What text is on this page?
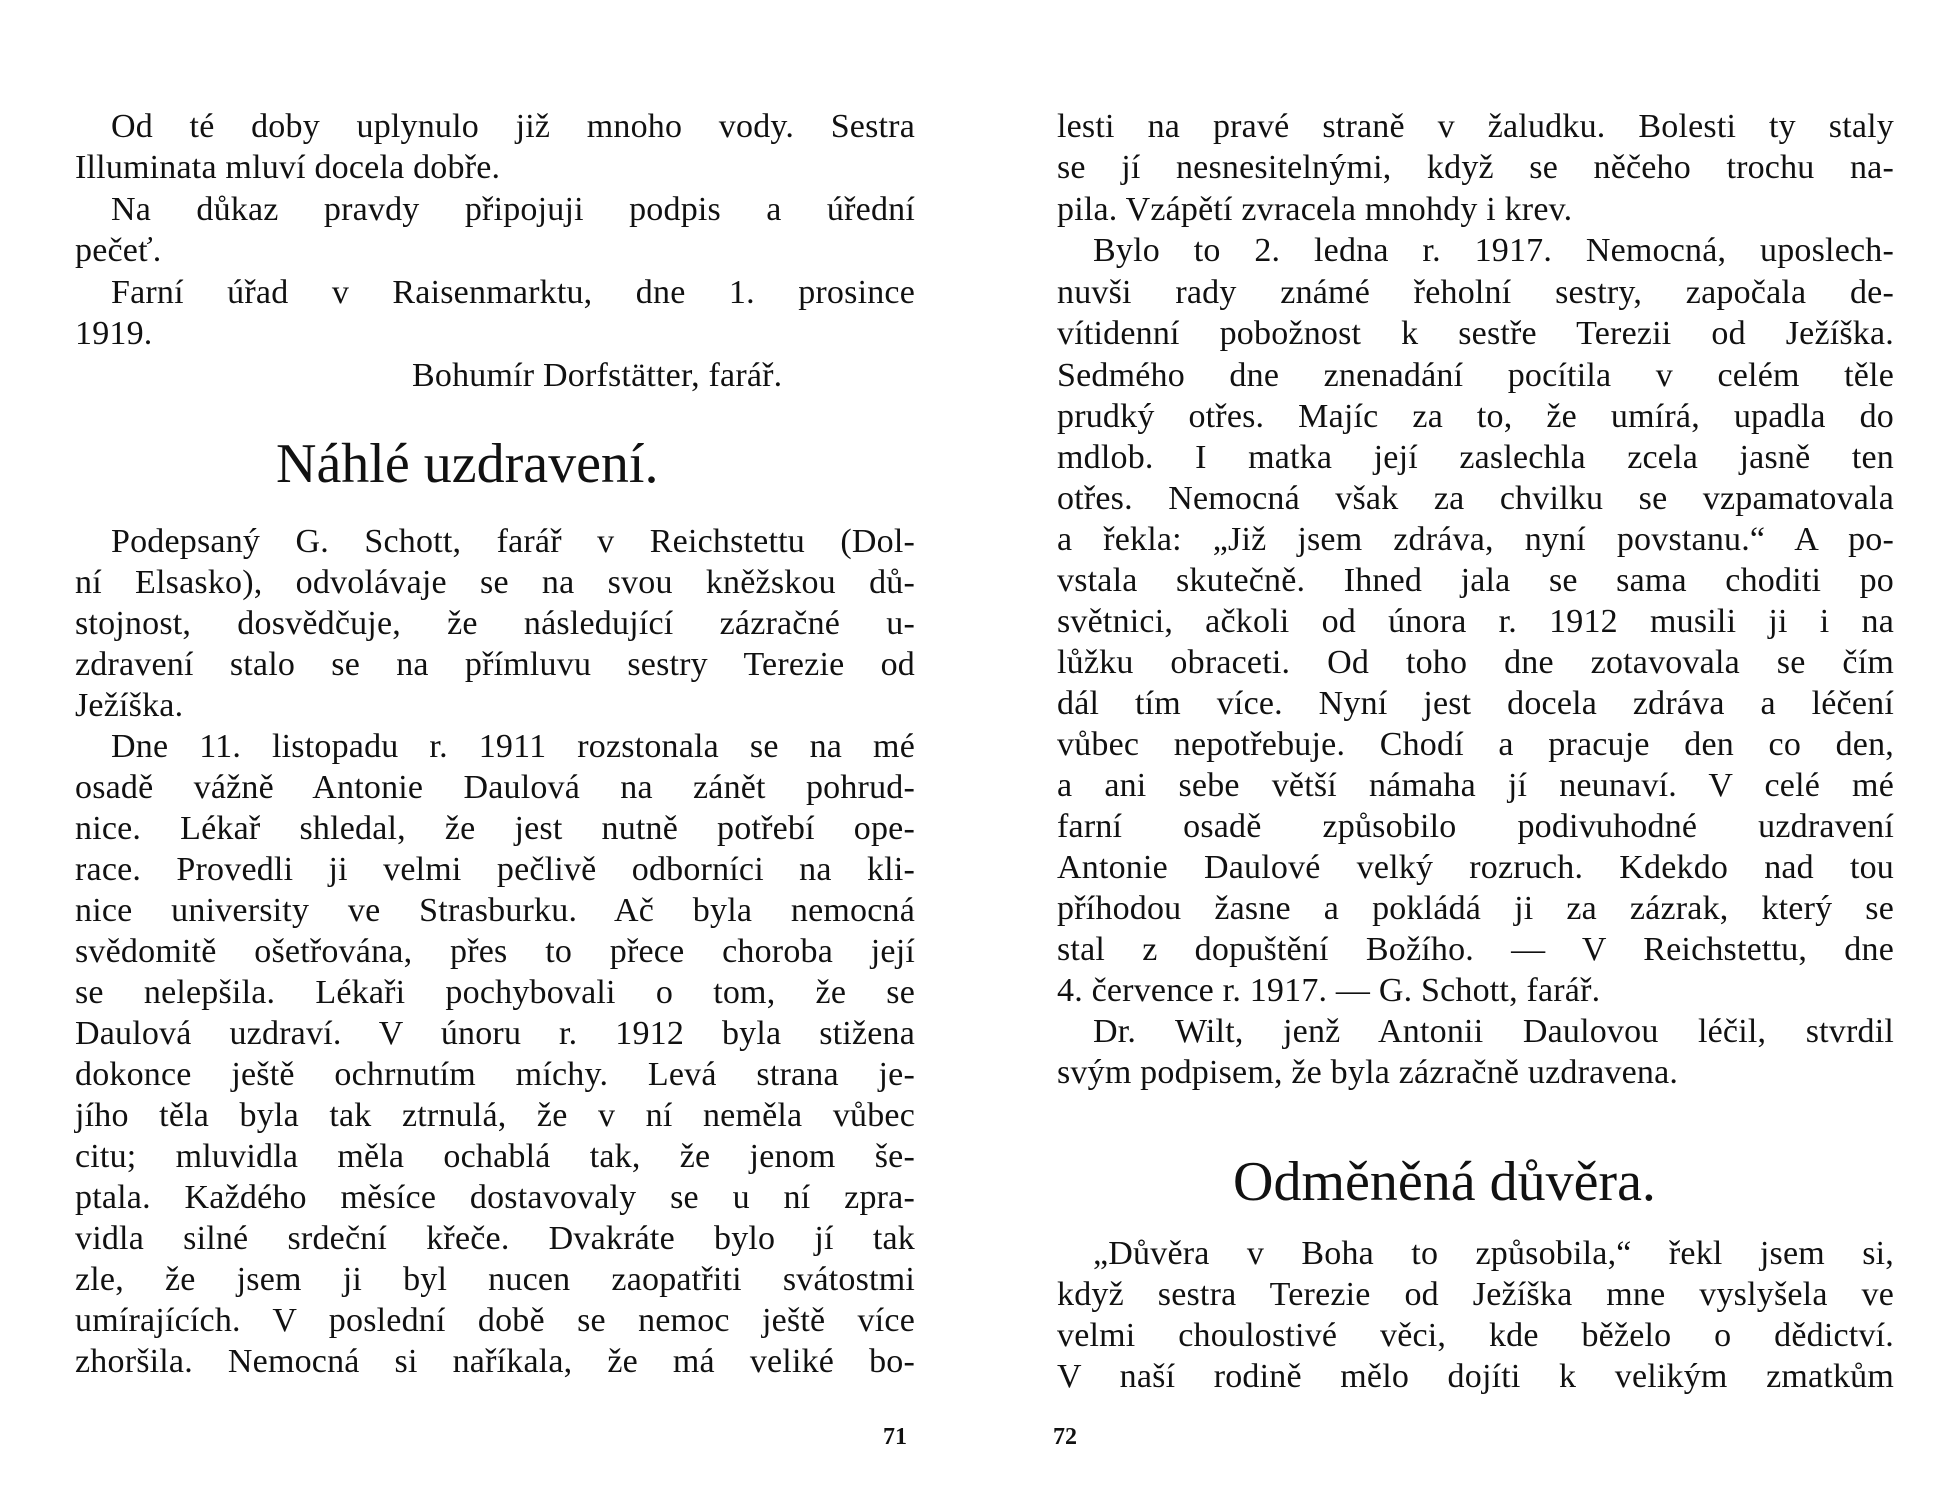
Od té doby uplynulo již mnoho vody. Sestra

Illuminata mluví docela dobře.

Na důkaz pravdy připojuji podpis a úřední

pečeť.

Farní úřad v Raisenmarktu, dne 1. prosince

1919.

Bohumír Dorfstätter, farář.

Náhlé uzdravení.

Podepsaný G. Schott, farář v Reichstettu (Dol-

ní Elsasko), odvolávaje se na svou kněžskou dů-

stojnost, dosvědčuje, že následující zázračné u-

zdravení stalo se na přímluvu sestry Terezie od

Ježíška.

Dne 11. listopadu r. 1911 rozstonala se na mé

osadě vážně Antonie Daulová na zánět pohrud-

nice. Lékař shledal, že jest nutně potřebí ope-

race. Provedli ji velmi pečlivě odborníci na kli-

nice university ve Strasburku. Ač byla nemocná

svědomitě ošetřována, přes to přece choroba její

se nelepšila. Lékaři pochybovali o tom, že se

Daulová uzdraví. V únoru r. 1912 byla stižena

dokonce ještě ochrnutím míchy. Levá strana je-

jího těla byla tak ztrnulá, že v ní neměla vůbec

citu; mluvidla měla ochablá tak, že jenom še-

ptala. Každého měsíce dostavovaly se u ní zpra-

vidla silné srdeční křeče. Dvakráte bylo jí tak

zle, že jsem ji byl nucen zaopatřiti svátostmi

umírajících. V poslední době se nemoc ještě více

zhoršila. Nemocná si naříkala, že má veliké bo-

71

lesti na pravé straně v žaludku. Bolesti ty staly

se jí nesnesitelnými, když se něčeho trochu na-

pila. Vzápětí zvracela mnohdy i krev.

Bylo to 2. ledna r. 1917. Nemocná, uposlech-

nuvši rady známé řeholní sestry, započala de-

vítidenní pobožnost k sestře Terezii od Ježíška.

Sedmého dne znenadání pocítila v celém těle

prudký otřes. Majíc za to, že umírá, upadla do

mdlob. I matka její zaslechla zcela jasně ten

otřes. Nemocná však za chvilku se vzpamatovala

a řekla: „Již jsem zdráva, nyní povstanu.“ A po-

vstala skutečně. Ihned jala se sama choditi po

světnici, ačkoli od února r. 1912 musili ji i na

lůžku obraceti. Od toho dne zotavovala se čím

dál tím více. Nyní jest docela zdráva a léčení

vůbec nepotřebuje. Chodí a pracuje den co den,

a ani sebe větší námaha jí neunaví. V celé mé

farní osadě způsobilo podivuhodné uzdravení

Antonie Daulové velký rozruch. Kdekdo nad tou

příhodou žasne a pokládá ji za zázrak, který se

stal z dopuštění Božího. — V Reichstettu, dne

4. července r. 1917. — G. Schott, farář.

Dr. Wilt, jenž Antonii Daulovou léčil, stvrdil

svým podpisem, že byla zázračně uzdravena.

Odměněná důvěra.

„Důvěra v Boha to způsobila,“ řekl jsem si,

když sestra Terezie od Ježíška mne vyslyšela ve

velmi choulostivé věci, kde běželo o dědictví.

V naší rodině mělo dojíti k velikým zmatkům

72
